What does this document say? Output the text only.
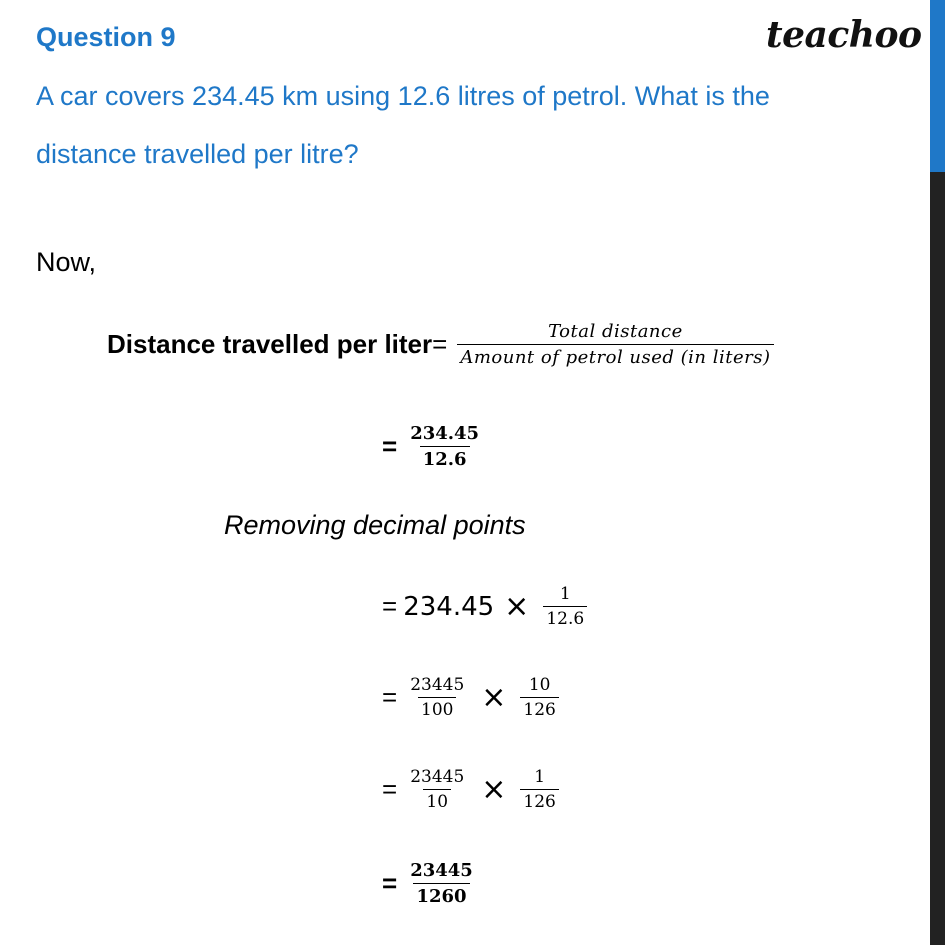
Question 9	teachoo
A car covers 234.45 km using 12.6 litres of petrol. What is the
distance travelled per litre?
Now,
Distance travelled per liter = $\frac{\text{Total distance}}{\text{Amount of petrol used (in liters)}}$
= $\frac{234.45}{12.6}$
Removing decimal points
= $234.45 \times \frac{1}{12.6}$
= $\frac{23445}{100} \times \frac{10}{126}$
= $\frac{23445}{10} \times \frac{1}{126}$
= $\frac{23445}{1260}$
